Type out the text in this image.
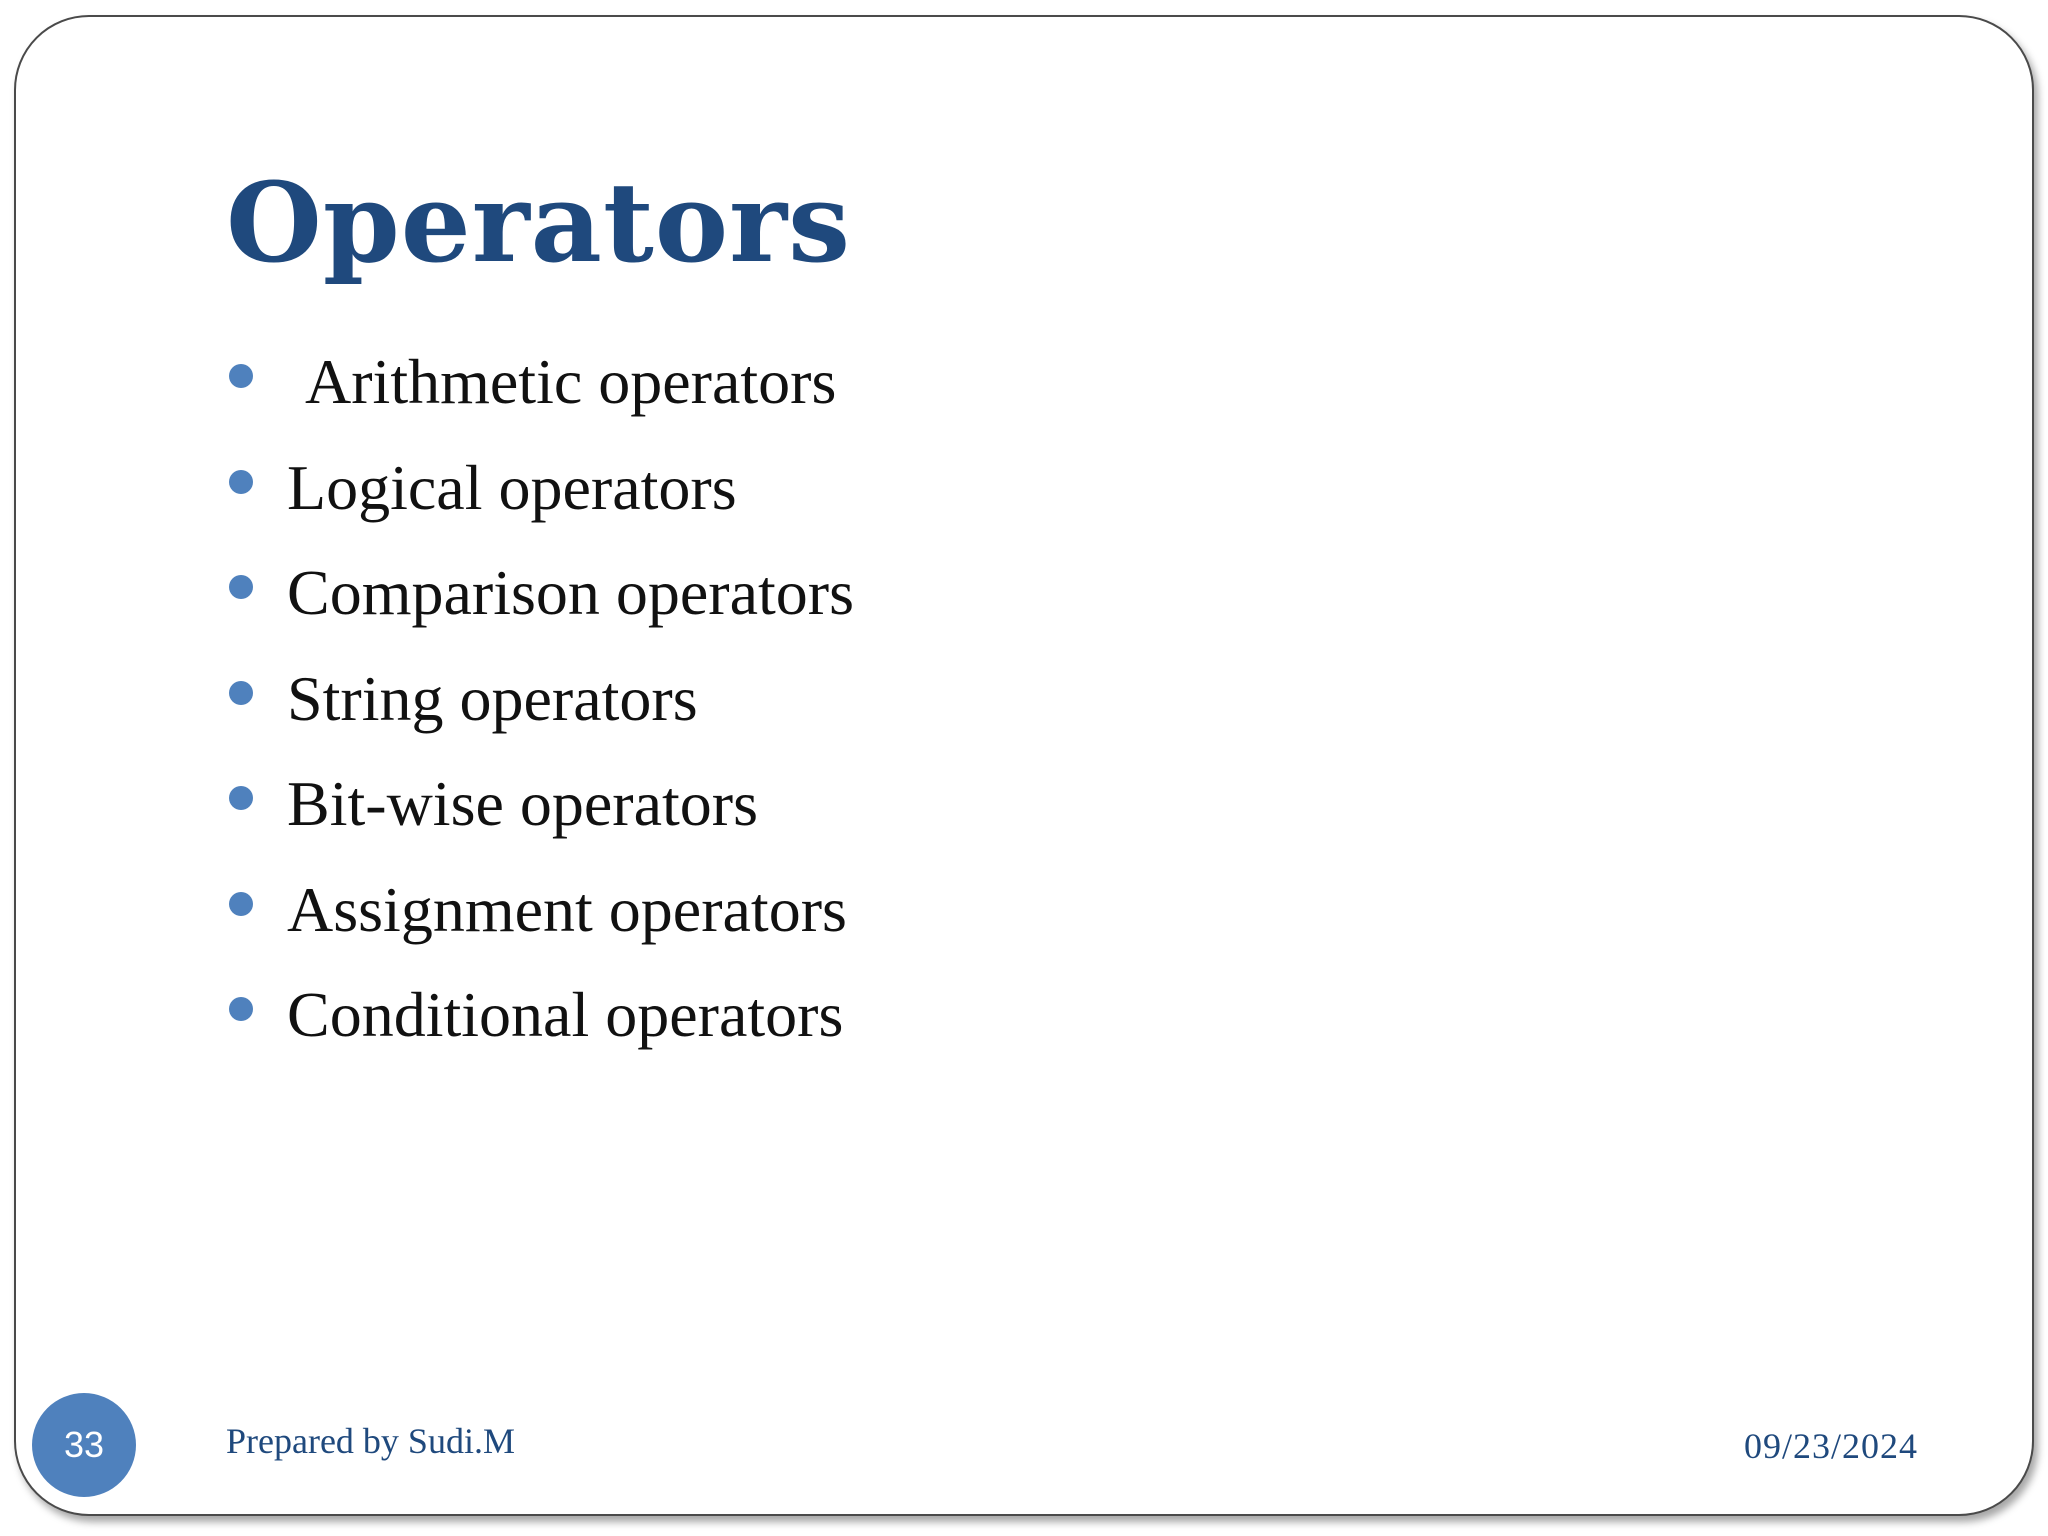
Operators
Arithmetic operators
Logical operators
Comparison operators
String operators
Bit-wise operators
Assignment operators
Conditional operators
33	Prepared by Sudi.M	09/23/2024
